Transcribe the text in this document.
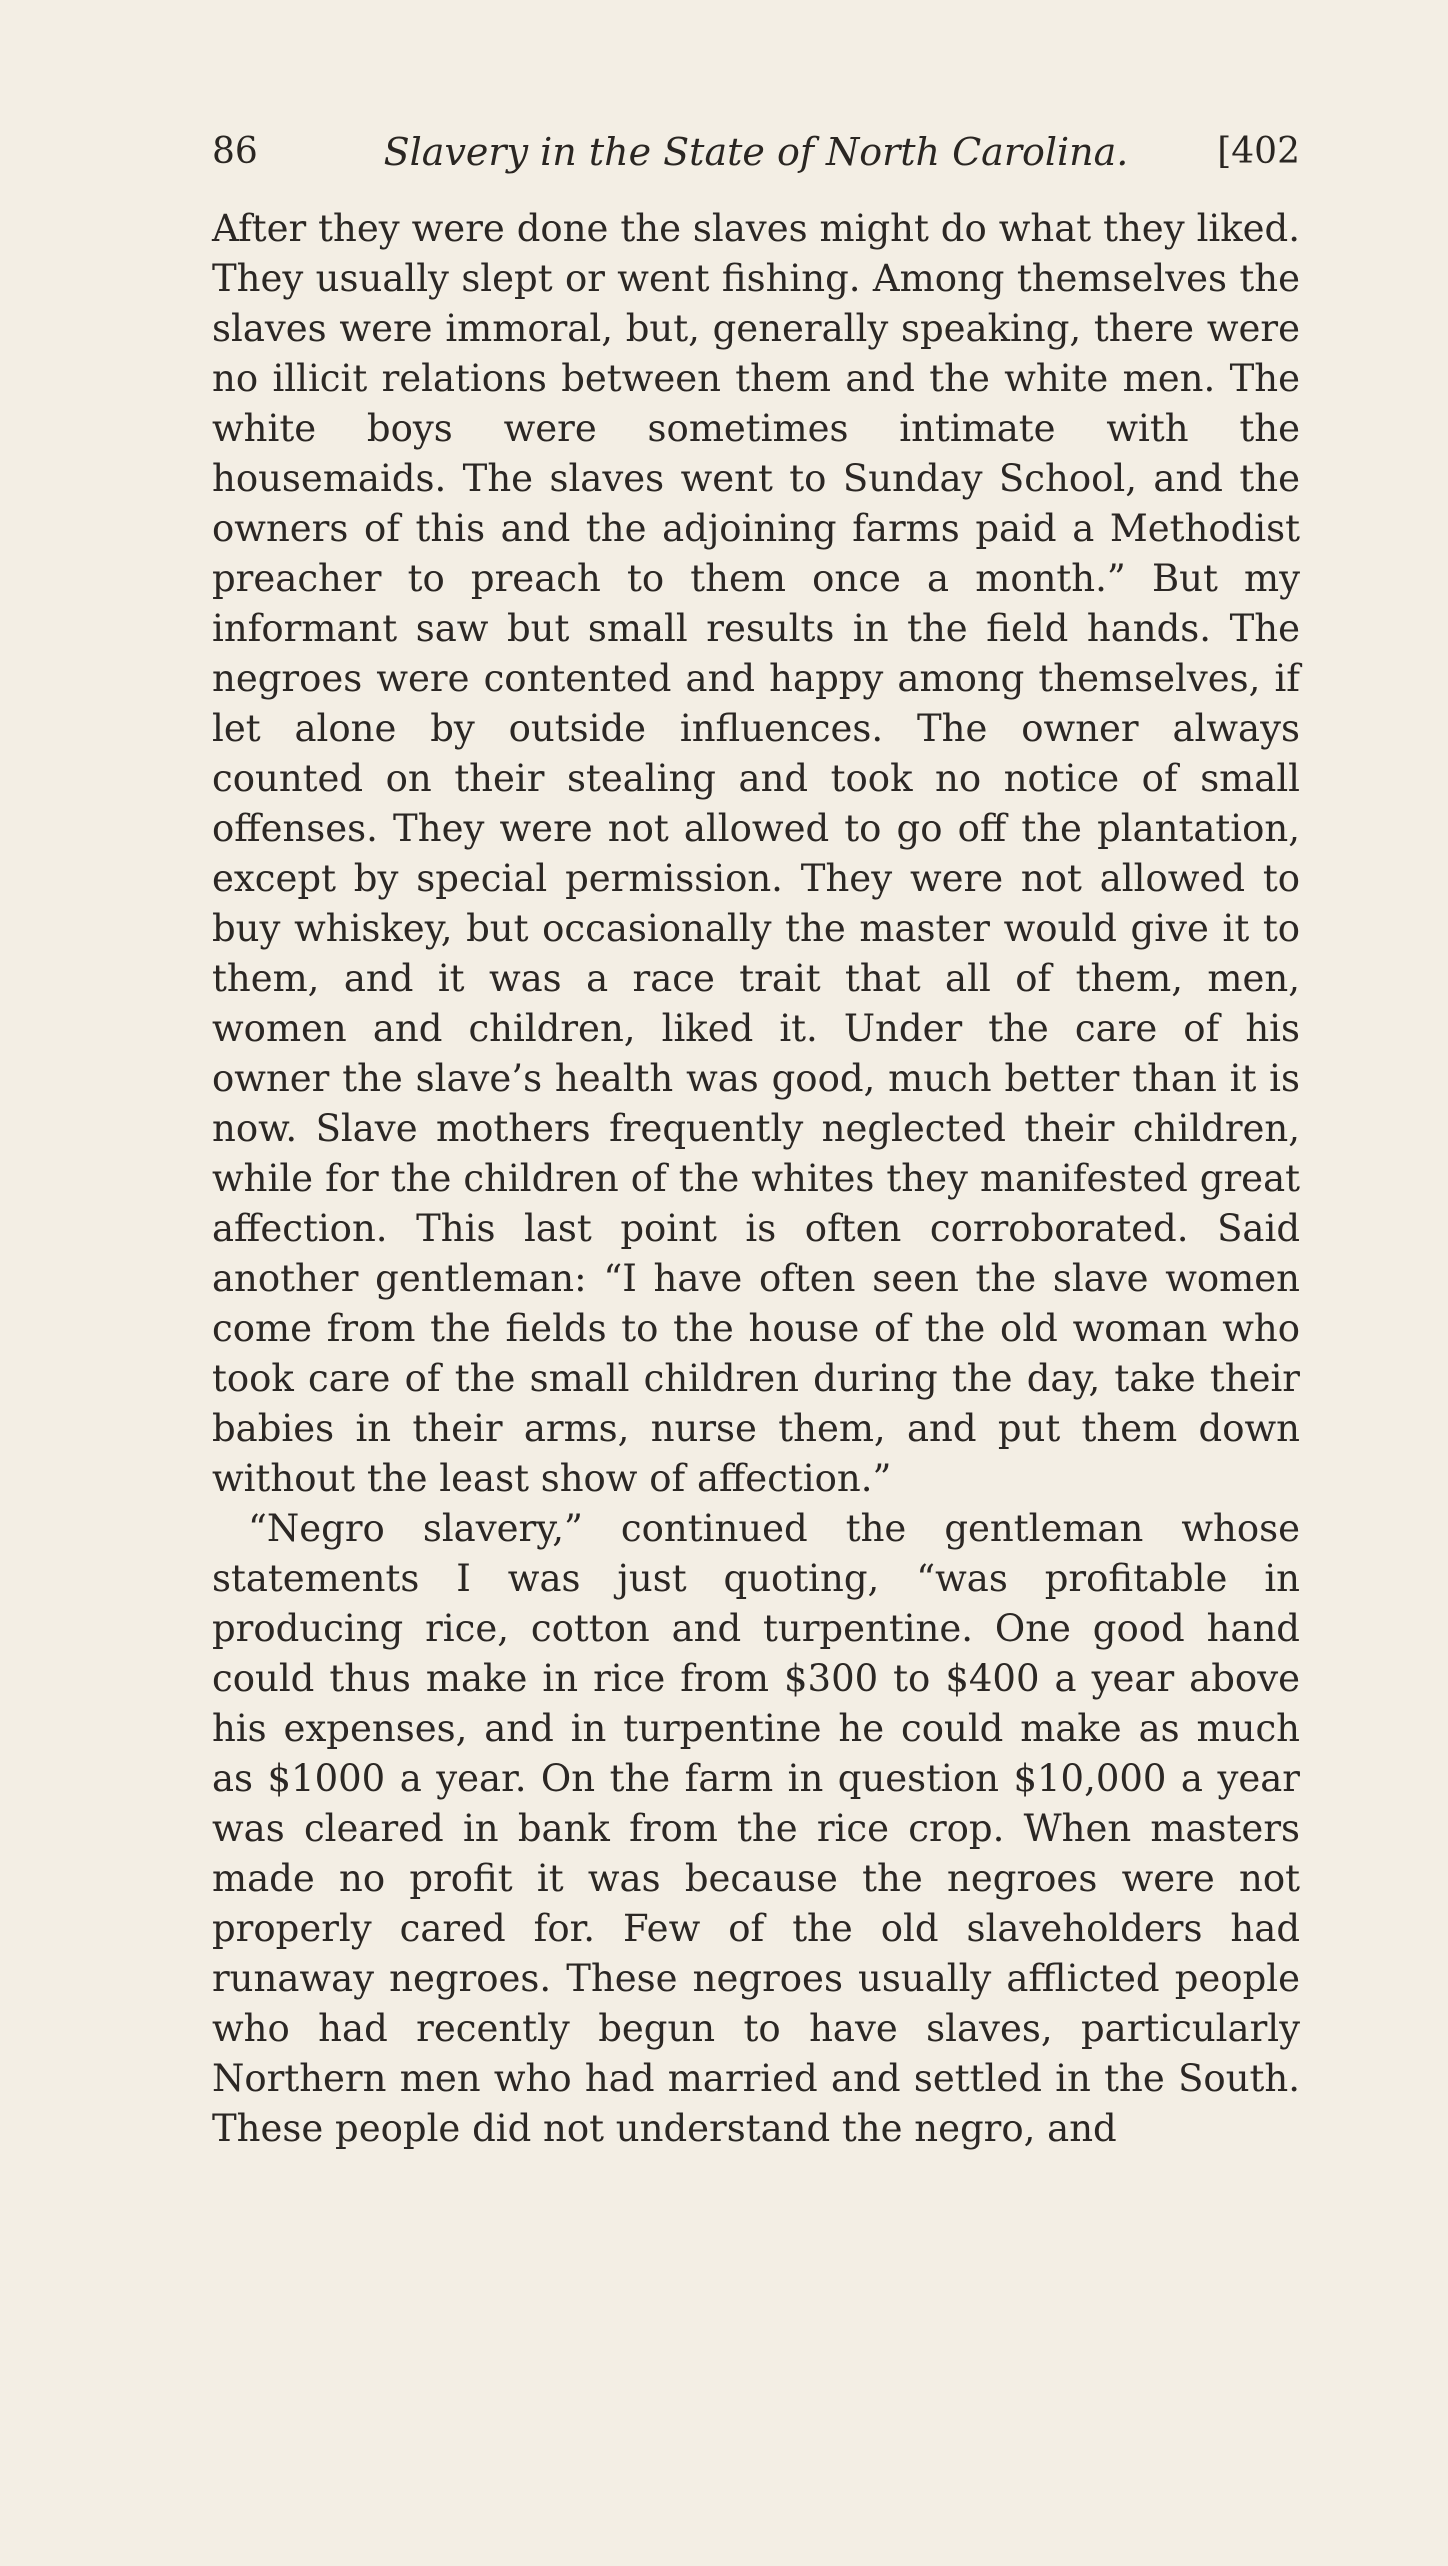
86	Slavery in the State of North Carolina.	[402

After they were done the slaves might do what they liked. They usually slept or went fishing. Among themselves the slaves were immoral, but, generally speaking, there were no illicit relations between them and the white men. The white boys were sometimes intimate with the housemaids. The slaves went to Sunday School, and the owners of this and the adjoining farms paid a Methodist preacher to preach to them once a month.” But my informant saw but small results in the field hands. The negroes were contented and happy among themselves, if let alone by outside influences. The owner always counted on their stealing and took no notice of small offenses. They were not allowed to go off the plantation, except by special permission. They were not allowed to buy whiskey, but occasionally the master would give it to them, and it was a race trait that all of them, men, women and children, liked it. Under the care of his owner the slave’s health was good, much better than it is now. Slave mothers frequently neglected their children, while for the children of the whites they manifested great affection. This last point is often corroborated. Said another gentleman: “I have often seen the slave women come from the fields to the house of the old woman who took care of the small children during the day, take their babies in their arms, nurse them, and put them down without the least show of affection.”

“Negro slavery,” continued the gentleman whose statements I was just quoting, “was profitable in producing rice, cotton and turpentine. One good hand could thus make in rice from $300 to $400 a year above his expenses, and in turpentine he could make as much as $1000 a year. On the farm in question $10,000 a year was cleared in bank from the rice crop. When masters made no profit it was because the negroes were not properly cared for. Few of the old slaveholders had runaway negroes. These negroes usually afflicted people who had recently begun to have slaves, particularly Northern men who had married and settled in the South. These people did not understand the negro, and
